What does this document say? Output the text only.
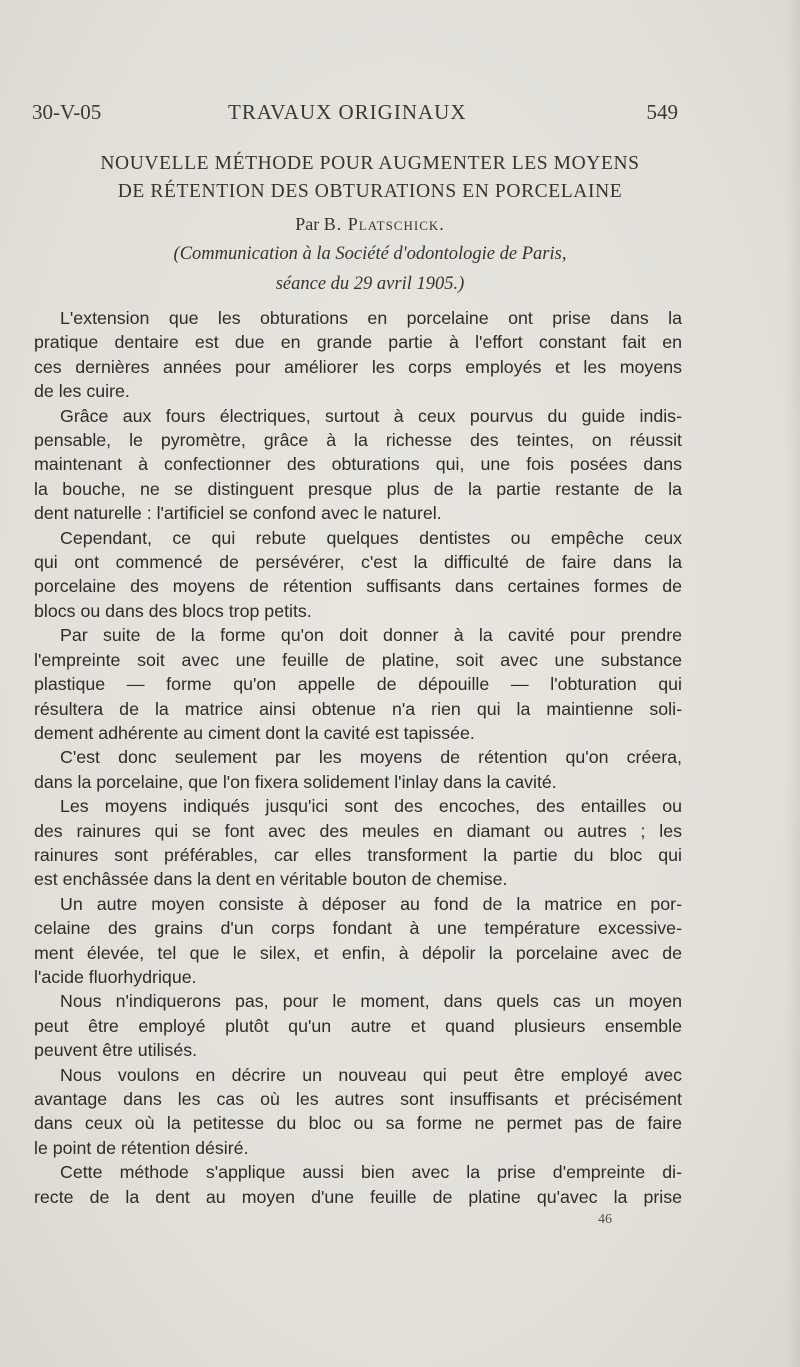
30-V-05	TRAVAUX ORIGINAUX	549
NOUVELLE MÉTHODE POUR AUGMENTER LES MOYENS
DE RÉTENTION DES OBTURATIONS EN PORCELAINE
Par B. Platschick.
(Communication à la Société d'odontologie de Paris,
séance du 29 avril 1905.)

L'extension que les obturations en porcelaine ont prise dans la

pratique dentaire est due en grande partie à l'effort constant fait en

ces dernières années pour améliorer les corps employés et les moyens

de les cuire.

Grâce aux fours électriques, surtout à ceux pourvus du guide indis-

pensable, le pyromètre, grâce à la richesse des teintes, on réussit

maintenant à confectionner des obturations qui, une fois posées dans

la bouche, ne se distinguent presque plus de la partie restante de la

dent naturelle : l'artificiel se confond avec le naturel.

Cependant, ce qui rebute quelques dentistes ou empêche ceux

qui ont commencé de persévérer, c'est la difficulté de faire dans la

porcelaine des moyens de rétention suffisants dans certaines formes de

blocs ou dans des blocs trop petits.

Par suite de la forme qu'on doit donner à la cavité pour prendre

l'empreinte soit avec une feuille de platine, soit avec une substance

plastique — forme qu'on appelle de dépouille — l'obturation qui

résultera de la matrice ainsi obtenue n'a rien qui la maintienne soli-

dement adhérente au ciment dont la cavité est tapissée.

C'est donc seulement par les moyens de rétention qu'on créera,

dans la porcelaine, que l'on fixera solidement l'inlay dans la cavité.

Les moyens indiqués jusqu'ici sont des encoches, des entailles ou

des rainures qui se font avec des meules en diamant ou autres ; les

rainures sont préférables, car elles transforment la partie du bloc qui

est enchâssée dans la dent en véritable bouton de chemise.

Un autre moyen consiste à déposer au fond de la matrice en por-

celaine des grains d'un corps fondant à une température excessive-

ment élevée, tel que le silex, et enfin, à dépolir la porcelaine avec de

l'acide fluorhydrique.

Nous n'indiquerons pas, pour le moment, dans quels cas un moyen

peut être employé plutôt qu'un autre et quand plusieurs ensemble

peuvent être utilisés.

Nous voulons en décrire un nouveau qui peut être employé avec

avantage dans les cas où les autres sont insuffisants et précisément

dans ceux où la petitesse du bloc ou sa forme ne permet pas de faire

le point de rétention désiré.

Cette méthode s'applique aussi bien avec la prise d'empreinte di-

recte de la dent au moyen d'une feuille de platine qu'avec la prise

46
